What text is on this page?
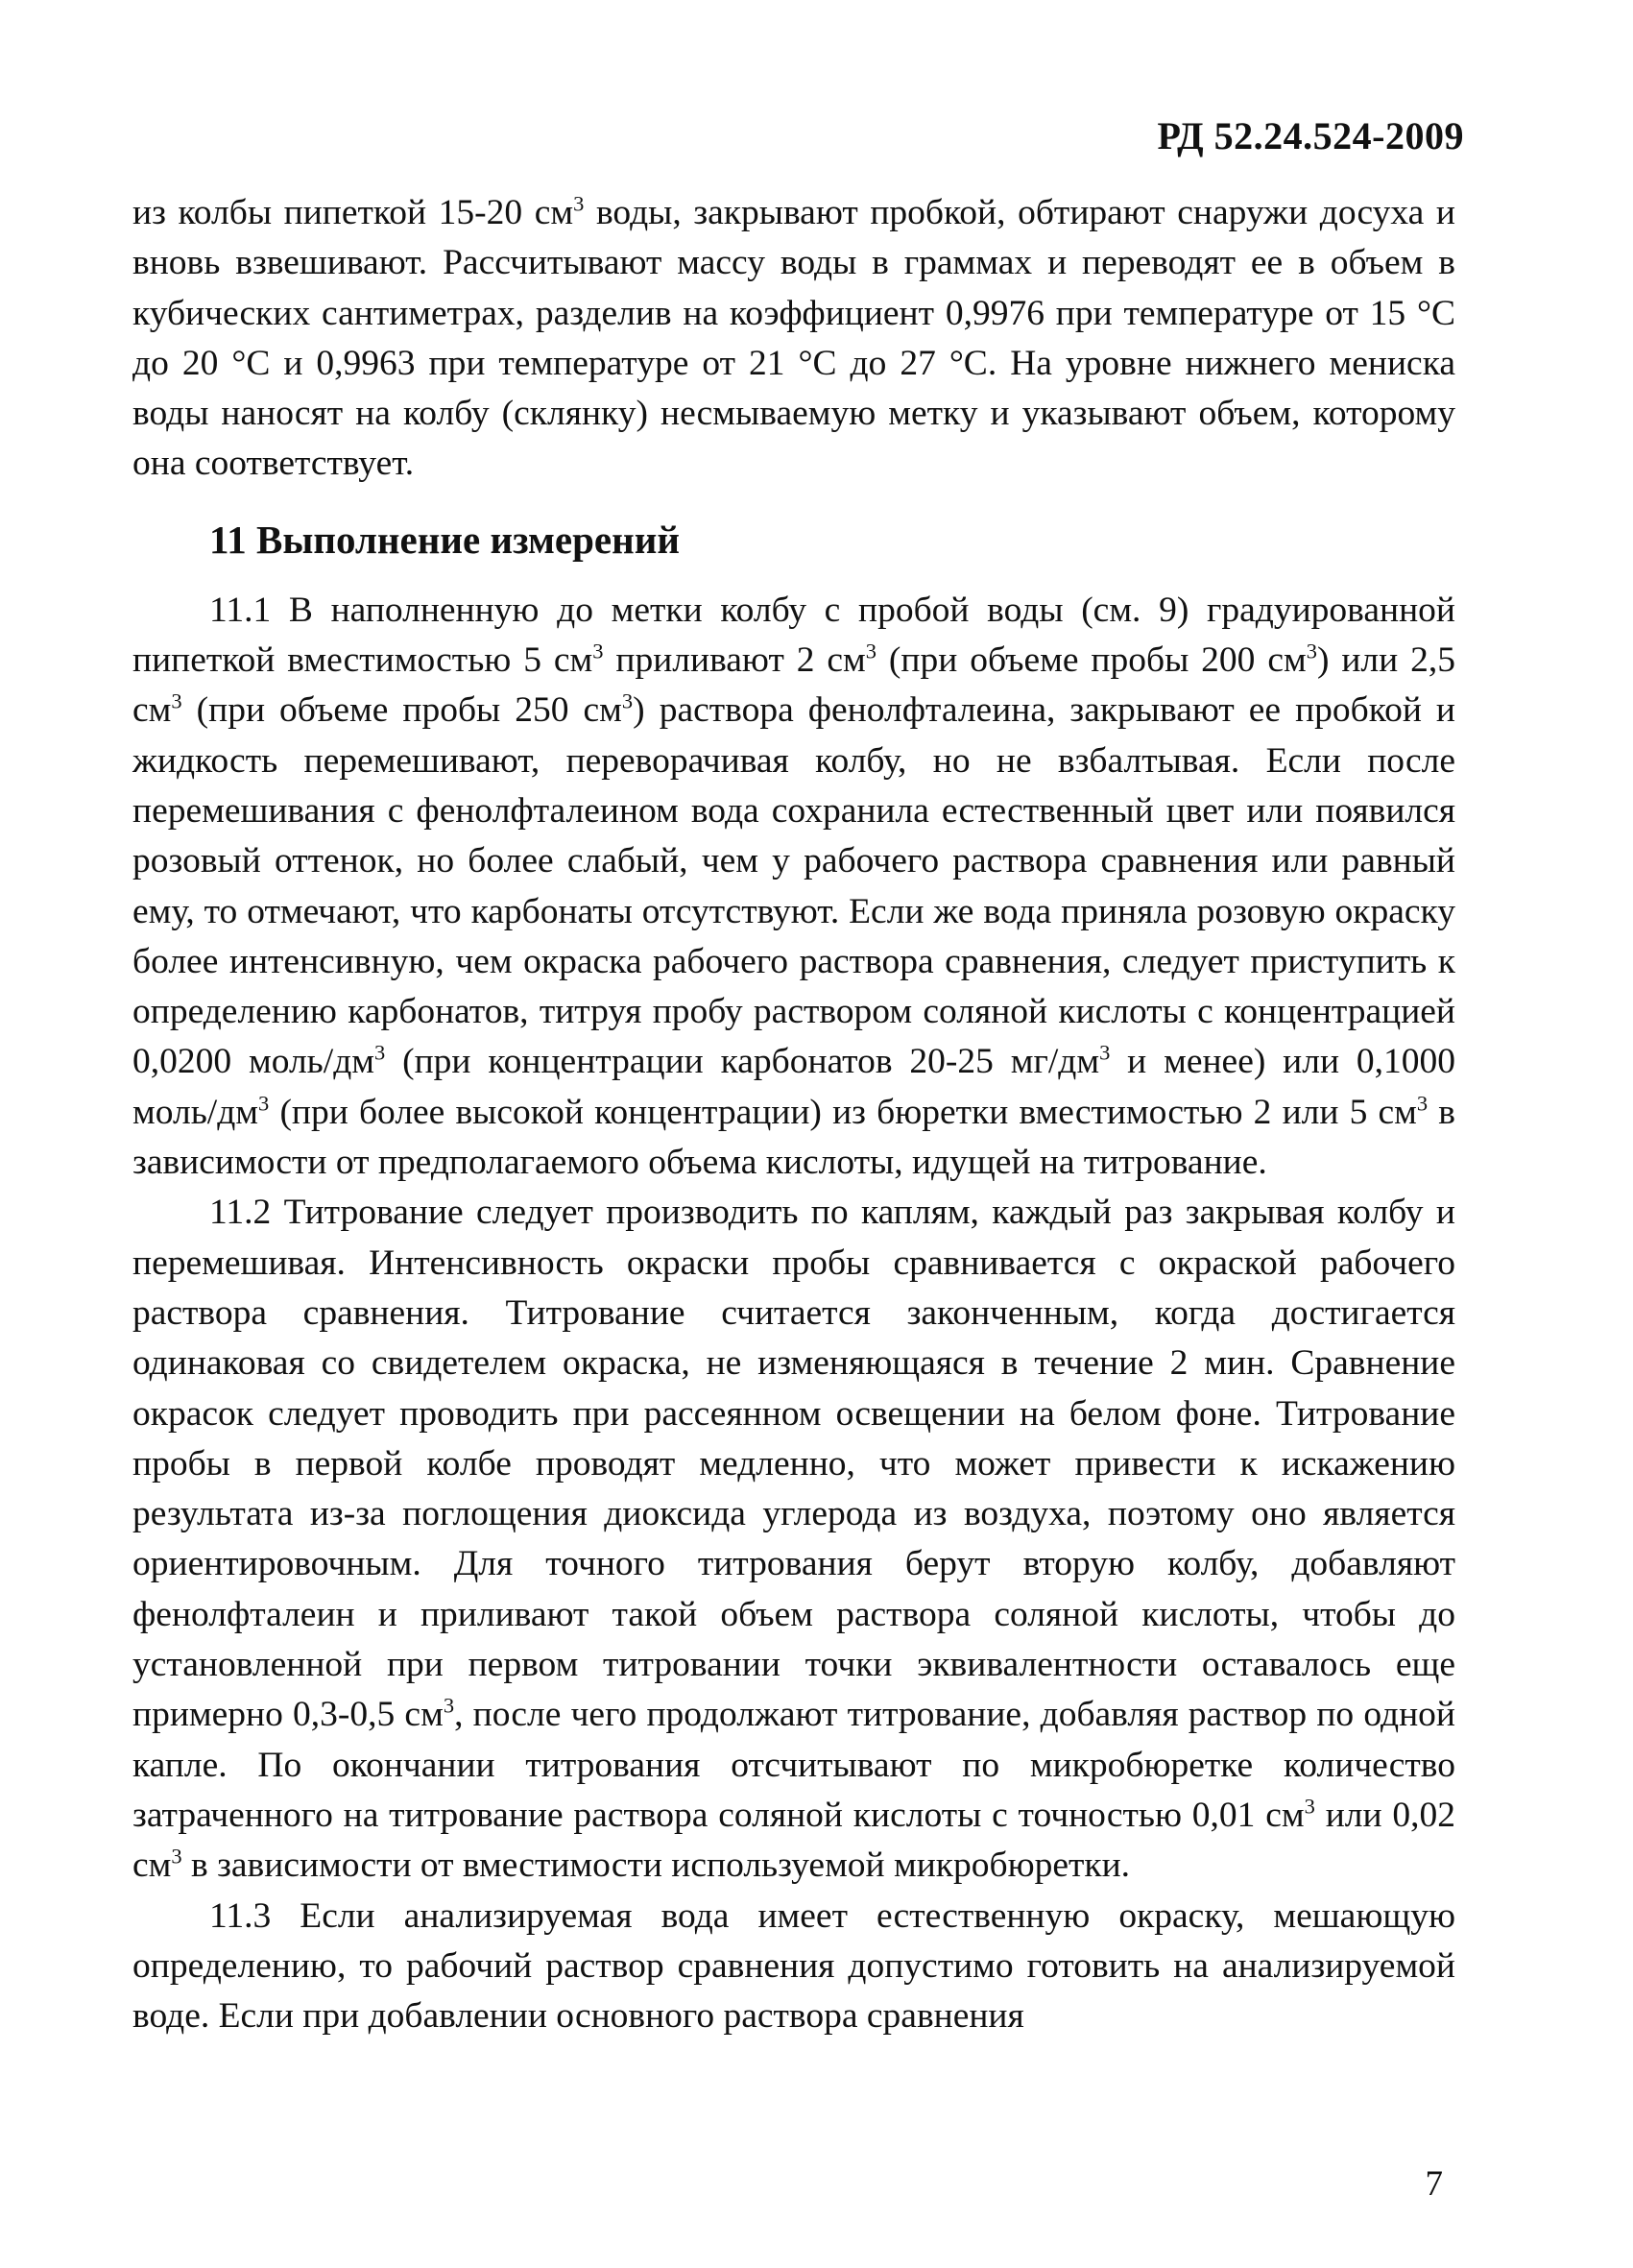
РД 52.24.524-2009

из колбы пипеткой 15-20 $см^3$ воды, закрывают пробкой, обтирают снаружи досуха и вновь взвешивают. Рассчитывают массу воды в граммах и переводят ее в объем в кубических сантиметрах, разделив на коэффициент 0,9976 при температуре от 15 °С до 20 °С и 0,9963 при температуре от 21 °С до 27 °С. На уровне нижнего мениска воды наносят на колбу (склянку) несмываемую метку и указывают объем, которому она соответствует.

11 Выполнение измерений

11.1 В наполненную до метки колбу с пробой воды (см. 9) градуированной пипеткой вместимостью 5 $см^3$ приливают 2 $см^3$ (при объеме пробы 200 $см^3$) или 2,5 $см^3$ (при объеме пробы 250 $см^3$) раствора фенолфталеина, закрывают ее пробкой и жидкость перемешивают, переворачивая колбу, но не взбалтывая. Если после перемешивания с фенолфталеином вода сохранила естественный цвет или появился розовый оттенок, но более слабый, чем у рабочего раствора сравнения или равный ему, то отмечают, что карбонаты отсутствуют. Если же вода приняла розовую окраску более интенсивную, чем окраска рабочего раствора сравнения, следует приступить к определению карбонатов, титруя пробу раствором соляной кислоты с концентрацией 0,0200 моль/$дм^3$ (при концентрации карбонатов 20-25 $мг/дм^3$ и менее) или 0,1000 моль/$дм^3$ (при более высокой концентрации) из бюретки вместимостью 2 или 5 $см^3$ в зависимости от предполагаемого объема кислоты, идущей на титрование.

11.2 Титрование следует производить по каплям, каждый раз закрывая колбу и перемешивая. Интенсивность окраски пробы сравнивается с окраской рабочего раствора сравнения. Титрование считается законченным, когда достигается одинаковая со свидетелем окраска, не изменяющаяся в течение 2 мин. Сравнение окрасок следует проводить при рассеянном освещении на белом фоне. Титрование пробы в первой колбе проводят медленно, что может привести к искажению результата из-за поглощения диоксида углерода из воздуха, поэтому оно является ориентировочным. Для точного титрования берут вторую колбу, добавляют фенолфталеин и приливают такой объем раствора соляной кислоты, чтобы до установленной при первом титровании точки эквивалентности оставалось еще примерно 0,3-0,5 $см^3$, после чего продолжают титрование, добавляя раствор по одной капле. По окончании титрования отсчитывают по микробюретке количество затраченного на титрование раствора соляной кислоты с точностью 0,01 $см^3$ или 0,02 $см^3$ в зависимости от вместимости используемой микробюретки.

11.3 Если анализируемая вода имеет естественную окраску, мешающую определению, то рабочий раствор сравнения допустимо готовить на анализируемой воде. Если при добавлении основного раствора сравнения

7
